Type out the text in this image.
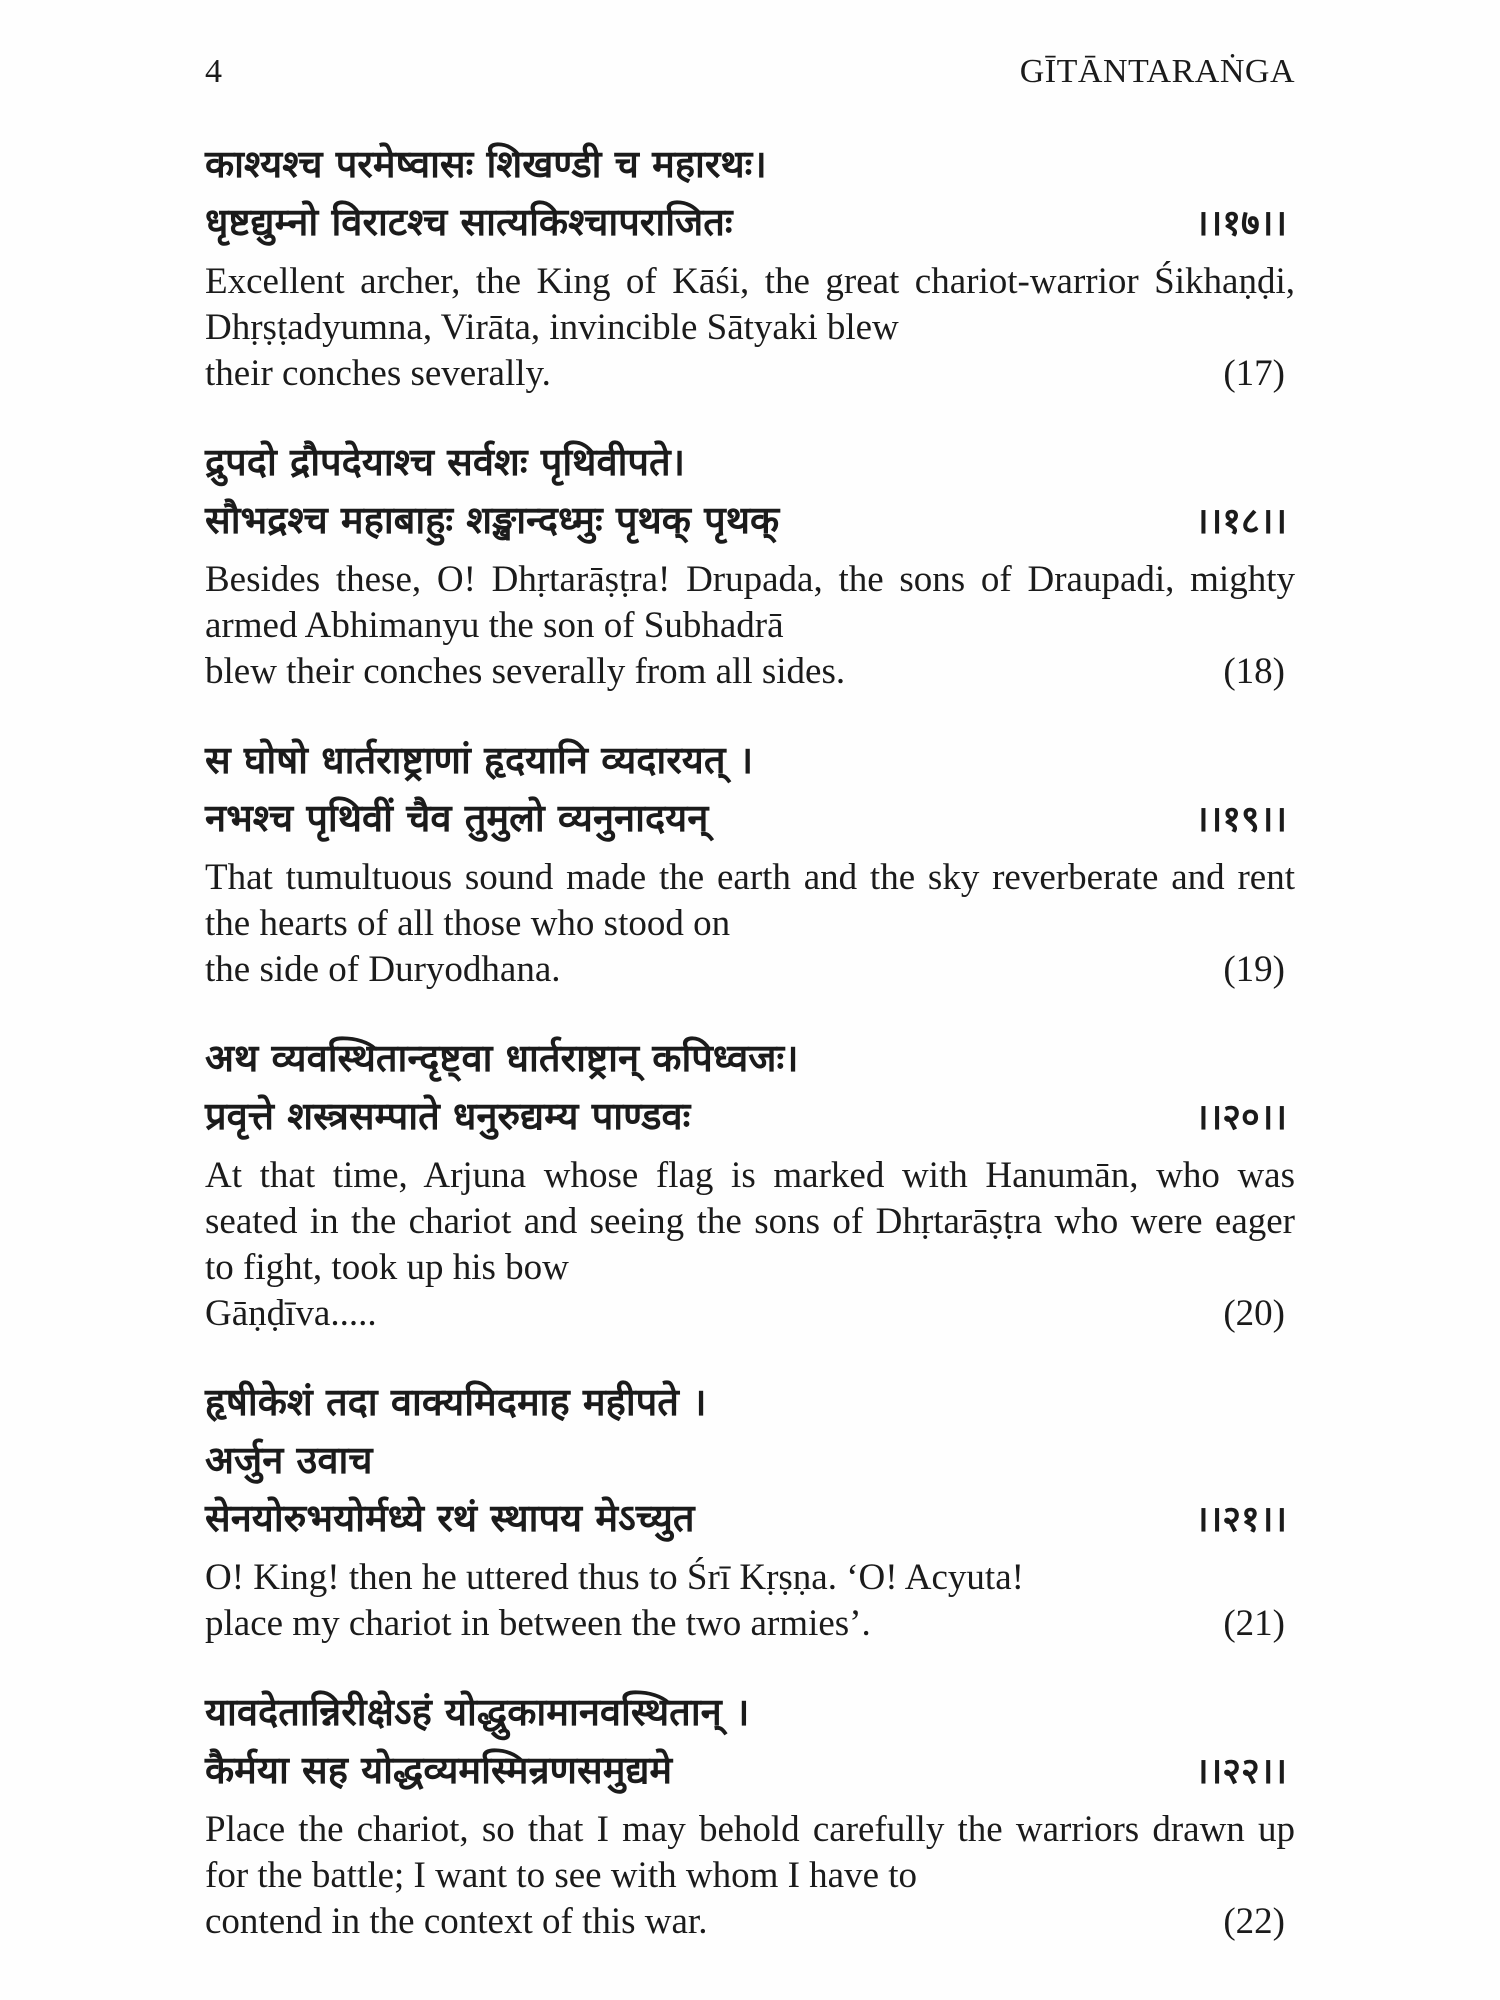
4	GĪTĀNTARAṄGA
काश्यश्च परमेष्वासः शिखण्डी च महारथः।
धृष्टद्युम्नो विराटश्च सात्यकिश्चापराजितः	।।१७।।
Excellent archer, the King of Kāśi, the great chariot-warrior Śikhaṇḍi, Dhṛṣṭadyumna, Virāta, invincible Sātyaki blew
their conches severally.	(17)
द्रुपदो द्रौपदेयाश्च सर्वशः पृथिवीपते।
सौभद्रश्च महाबाहुः शङ्खान्दध्मुः पृथक् पृथक्	।।१८।।
Besides these, O! Dhṛtarāṣṭra! Drupada, the sons of Draupadi, mighty armed Abhimanyu the son of Subhadrā
blew their conches severally from all sides.	(18)
स घोषो धार्तराष्ट्राणां हृदयानि व्यदारयत् ।
नभश्च पृथिवीं चैव तुमुलो व्यनुनादयन्	।।१९।।
That tumultuous sound made the earth and the sky reverberate and rent the hearts of all those who stood on
the side of Duryodhana.	(19)
अथ व्यवस्थितान्दृष्ट्वा धार्तराष्ट्रान् कपिध्वजः।
प्रवृत्ते शस्त्रसम्पाते धनुरुद्यम्य पाण्डवः	।।२०।।
At that time, Arjuna whose flag is marked with Hanumān, who was seated in the chariot and seeing the sons of Dhṛtarāṣṭra who were eager to fight, took up his bow
Gāṇḍīva.....	(20)
हृषीकेशं तदा वाक्यमिदमाह महीपते ।
अर्जुन उवाच
सेनयोरुभयोर्मध्ये रथं स्थापय मेऽच्युत	।।२१।।
O! King! then he uttered thus to Śrī Kṛṣṇa. ‘O! Acyuta!
place my chariot in between the two armies’.	(21)
यावदेतान्निरीक्षेऽहं योद्धुकामानवस्थितान् ।
कैर्मया सह योद्धव्यमस्मिन्रणसमुद्यमे	।।२२।।
Place the chariot, so that I may behold carefully the warriors drawn up for the battle; I want to see with whom I have to
contend in the context of this war.	(22)
